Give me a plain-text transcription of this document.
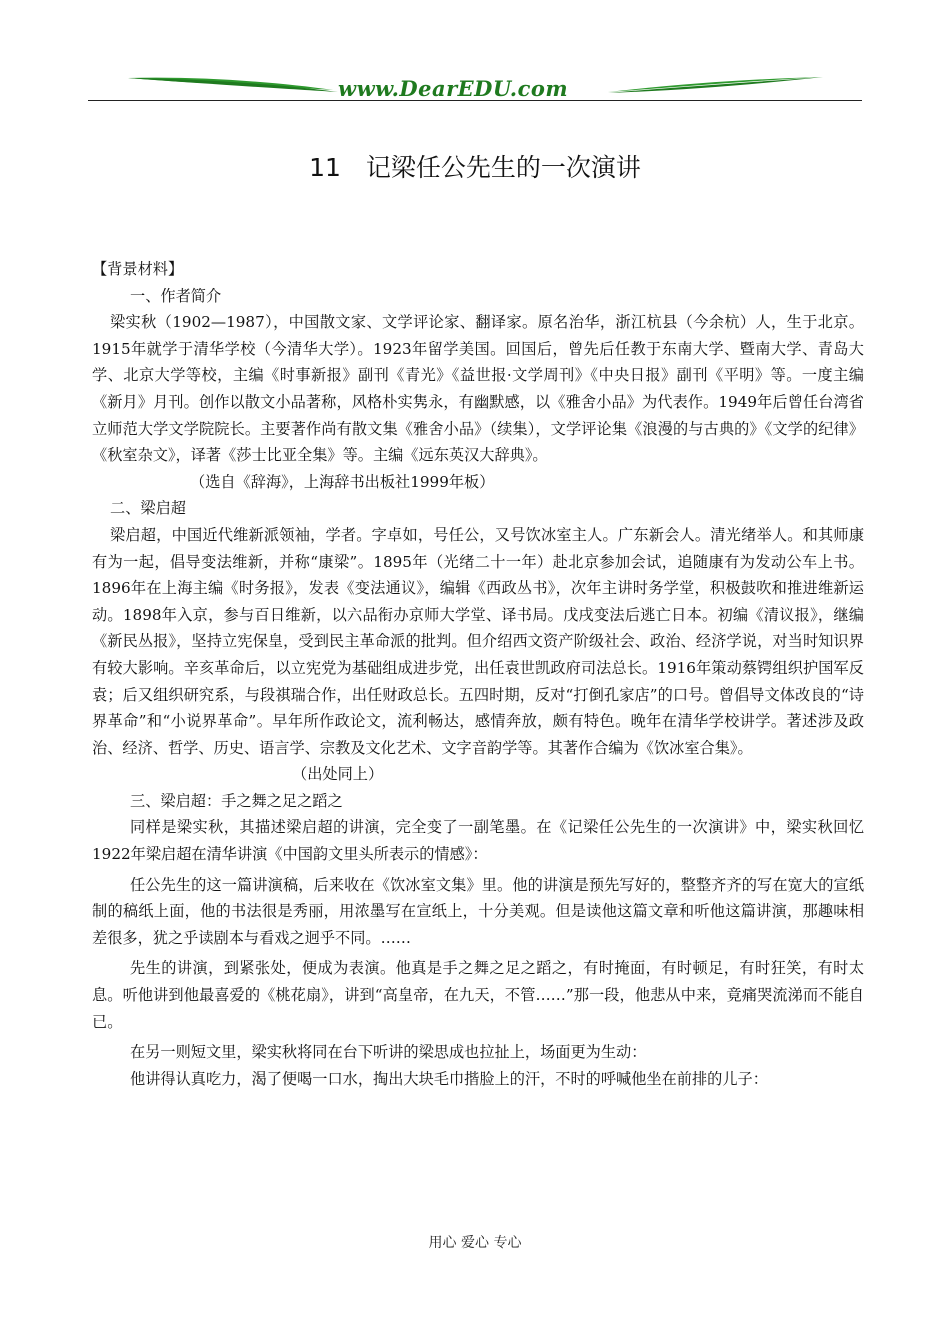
www.DearEDU.com
11　记梁任公先生的一次演讲

【背景材料】

一、作者简介

梁实秋（1902—1987），中国散文家、文学评论家、翻译家。原名治华，浙江杭县（今余杭）人，生于北京。1915年就学于清华学校（今清华大学）。1923年留学美国。回国后，曾先后任教于东南大学、暨南大学、青岛大学、北京大学等校，主编《时事新报》副刊《青光》《益世报·文学周刊》《中央日报》副刊《平明》等。一度主编《新月》月刊。创作以散文小品著称，风格朴实隽永，有幽默感，以《雅舍小品》为代表作。1949年后曾任台湾省立师范大学文学院院长。主要著作尚有散文集《雅舍小品》（续集），文学评论集《浪漫的与古典的》《文学的纪律》《秋室杂文》，译著《莎士比亚全集》等。主编《远东英汉大辞典》。

（选自《辞海》，上海辞书出板社1999年板）

二、梁启超

梁启超，中国近代维新派领袖，学者。字卓如，号任公，又号饮冰室主人。广东新会人。清光绪举人。和其师康有为一起，倡导变法维新，并称“康梁”。1895年（光绪二十一年）赴北京参加会试，追随康有为发动公车上书。1896年在上海主编《时务报》，发表《变法通议》，编辑《西政丛书》，次年主讲时务学堂，积极鼓吹和推进维新运动。1898年入京，参与百日维新，以六品衔办京师大学堂、译书局。戊戌变法后逃亡日本。初编《清议报》，继编《新民丛报》，坚持立宪保皇，受到民主革命派的批判。但介绍西文资产阶级社会、政治、经济学说，对当时知识界有较大影响。辛亥革命后，以立宪党为基础组成进步党，出任袁世凯政府司法总长。1916年策动蔡锷组织护国军反袁；后又组织研究系，与段祺瑞合作，出任财政总长。五四时期，反对“打倒孔家店”的口号。曾倡导文体改良的“诗界革命”和“小说界革命”。早年所作政论文，流利畅达，感情奔放，颇有特色。晚年在清华学校讲学。著述涉及政治、经济、哲学、历史、语言学、宗教及文化艺术、文字音韵学等。其著作合编为《饮冰室合集》。

（出处同上）

三、梁启超：手之舞之足之蹈之

同样是梁实秋，其描述梁启超的讲演，完全变了一副笔墨。在《记梁任公先生的一次演讲》中，梁实秋回忆1922年梁启超在清华讲演《中国韵文里头所表示的情感》：

任公先生的这一篇讲演稿，后来收在《饮冰室文集》里。他的讲演是预先写好的，整整齐齐的写在宽大的宣纸制的稿纸上面，他的书法很是秀丽，用浓墨写在宣纸上，十分美观。但是读他这篇文章和听他这篇讲演，那趣味相差很多，犹之乎读剧本与看戏之迥乎不同。……

先生的讲演，到紧张处，便成为表演。他真是手之舞之足之蹈之，有时掩面，有时顿足，有时狂笑，有时太息。听他讲到他最喜爱的《桃花扇》，讲到“高皇帝，在九天，不管……”那一段，他悲从中来，竟痛哭流涕而不能自已。

在另一则短文里，梁实秋将同在台下听讲的梁思成也拉扯上，场面更为生动：

他讲得认真吃力，渴了便喝一口水，掏出大块毛巾揩脸上的汗，不时的呼喊他坐在前排的儿子：

用心 爱心 专心
